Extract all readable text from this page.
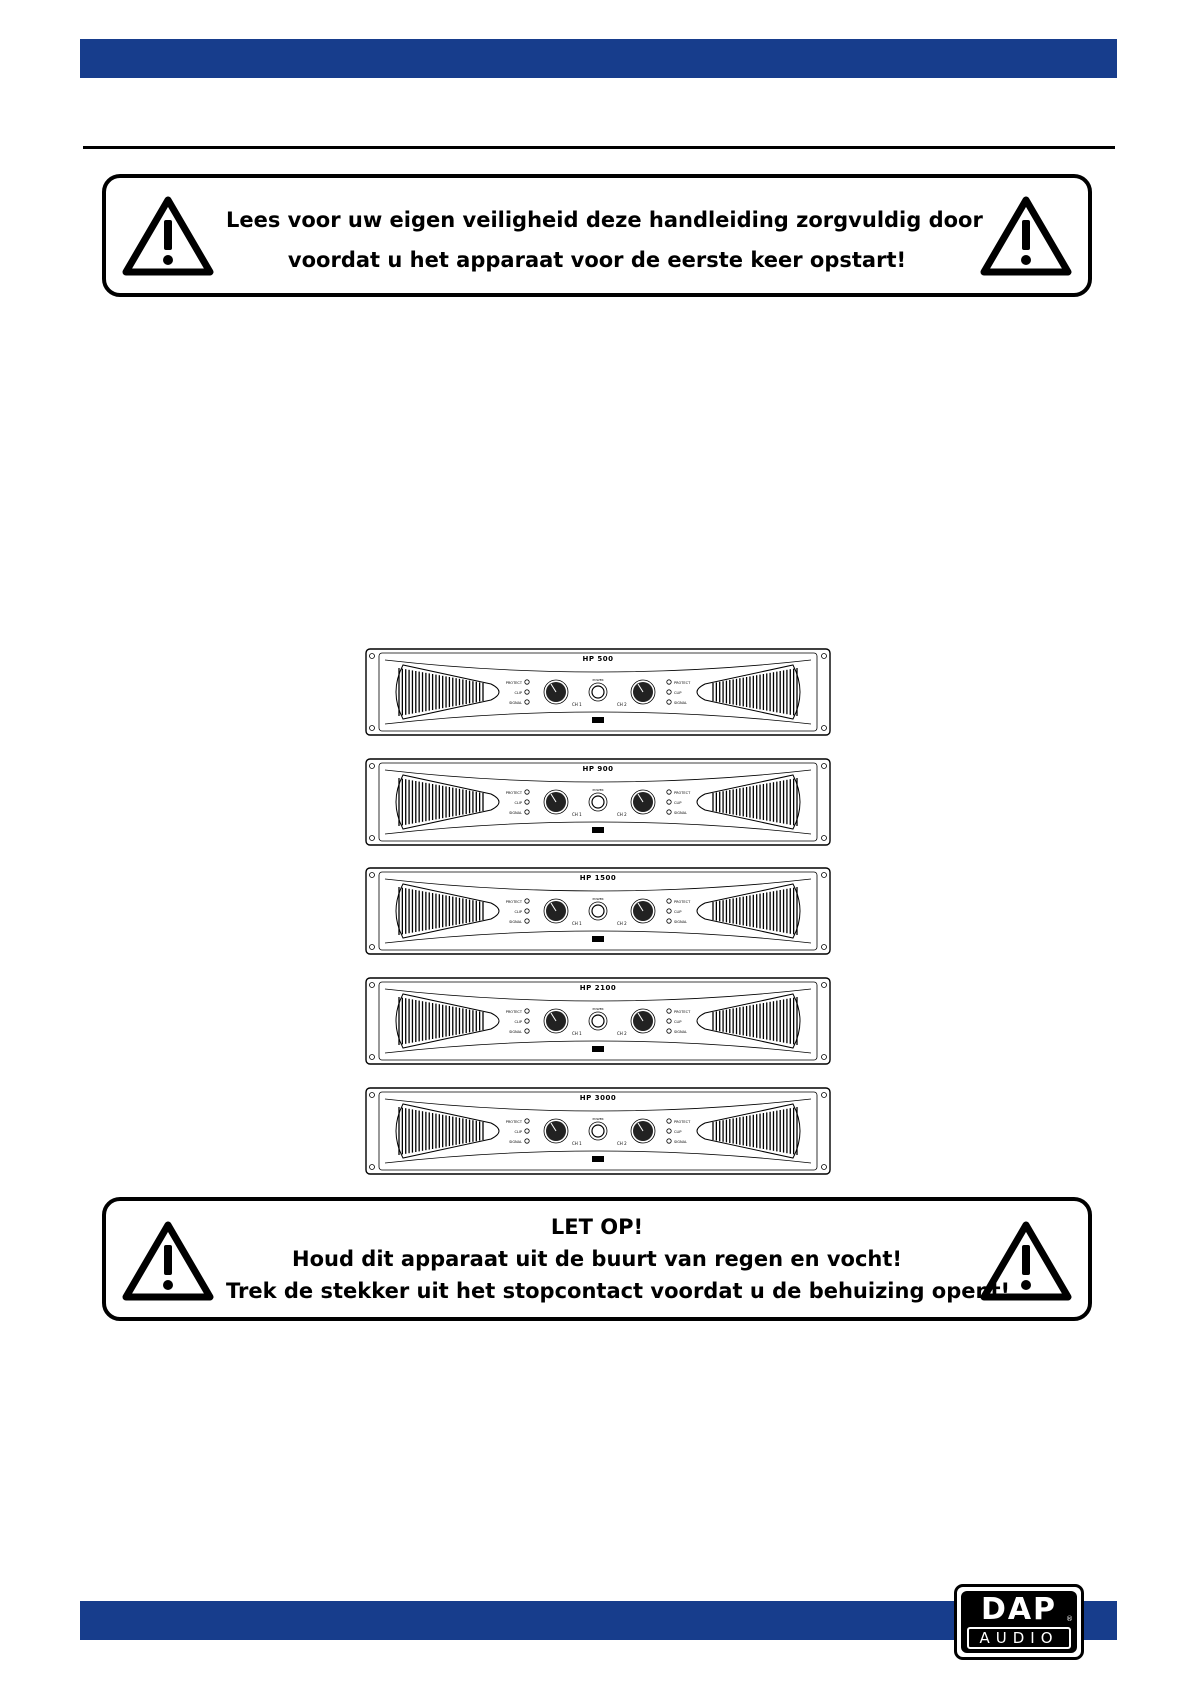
Lees voor uw eigen veiligheid deze handleiding zorgvuldig door
voordat u het apparaat voor de eerste keer opstart!
PROTECT
CLIP
SIGNAL
PROTECT
CLIP
SIGNAL
POWER
CH 1	CH 2
HP 500
PROTECT
CLIP
SIGNAL
PROTECT
CLIP
SIGNAL
POWER
CH 1	CH 2
HP 900
PROTECT
CLIP
SIGNAL
PROTECT
CLIP
SIGNAL
POWER
CH 1	CH 2
HP 1500
PROTECT
CLIP
SIGNAL
PROTECT
CLIP
SIGNAL
POWER
CH 1	CH 2
HP 2100
PROTECT
CLIP
SIGNAL
PROTECT
CLIP
SIGNAL
POWER
CH 1	CH 2
HP 3000
LET OP!
Houd dit apparaat uit de buurt van regen en vocht!
Trek de stekker uit het stopcontact voordat u de behuizing opent!
DAP	®
AUDIO
